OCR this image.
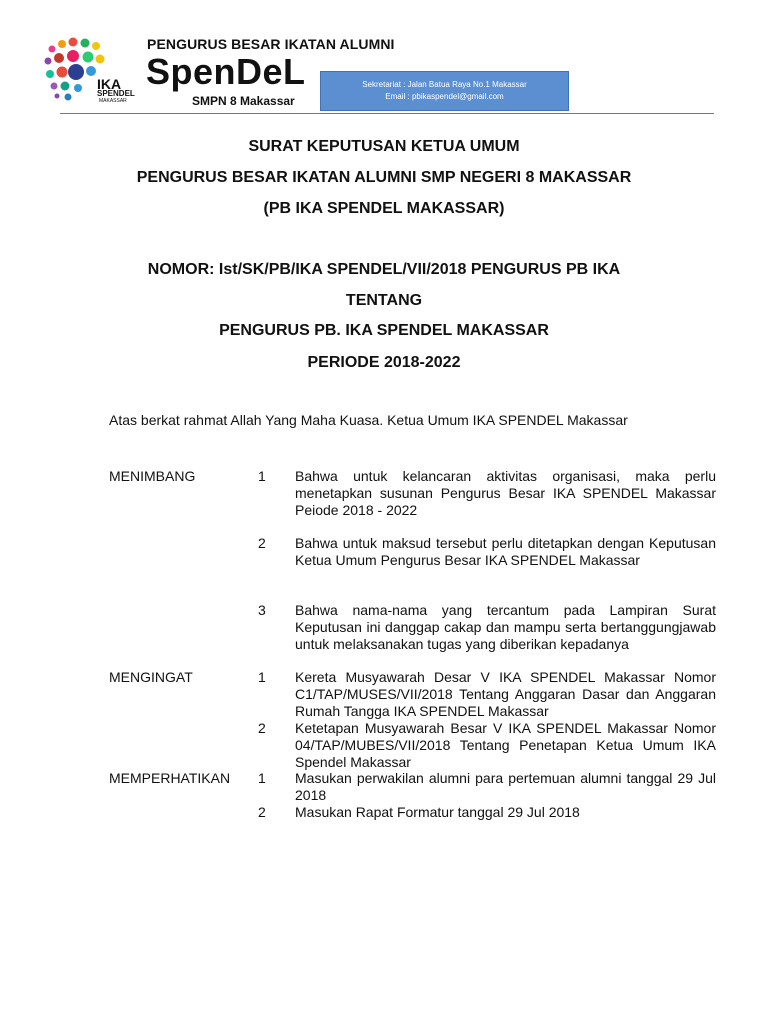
IKA
SPENDEL
MAKASSAR
PENGURUS BESAR IKATAN ALUMNI
SpenDeL
SMPN 8 Makassar
Sekretariat : Jalan Batua Raya No.1 Makassar
Email : pbikaspendel@gmail.com
SURAT KEPUTUSAN KETUA UMUM
PENGURUS BESAR IKATAN ALUMNI SMP NEGERI 8 MAKASSAR
(PB IKA SPENDEL MAKASSAR)
NOMOR: Ist/SK/PB/IKA SPENDEL/VII/2018 PENGURUS PB IKA
TENTANG
PENGURUS PB. IKA SPENDEL MAKASSAR
PERIODE 2018-2022
Atas berkat rahmat Allah Yang Maha Kuasa. Ketua Umum IKA SPENDEL Makassar
MENIMBANG	1 Bahwa untuk kelancaran aktivitas organisasi, maka perlu menetapkan susunan Pengurus Besar IKA SPENDEL Makassar Peiode 2018 - 2022
2 Bahwa untuk maksud tersebut perlu ditetapkan dengan Keputusan Ketua Umum Pengurus Besar IKA SPENDEL Makassar
3 Bahwa nama-nama yang tercantum pada Lampiran Surat Keputusan ini danggap cakap dan mampu serta bertanggungjawab untuk melaksanakan tugas yang diberikan kepadanya
MENGINGAT	1 Kereta Musyawarah Desar V IKA SPENDEL Makassar Nomor C1/TAP/MUSES/VII/2018 Tentang Anggaran Dasar dan Anggaran Rumah Tangga IKA SPENDEL Makassar
2 Ketetapan Musyawarah Besar V IKA SPENDEL Makassar Nomor 04/TAP/MUBES/VII/2018 Tentang Penetapan Ketua Umum IKA Spendel Makassar
MEMPERHATIKAN 1 Masukan perwakilan alumni para pertemuan alumni tanggal 29 Jul 2018
2 Masukan Rapat Formatur tanggal 29 Jul 2018
